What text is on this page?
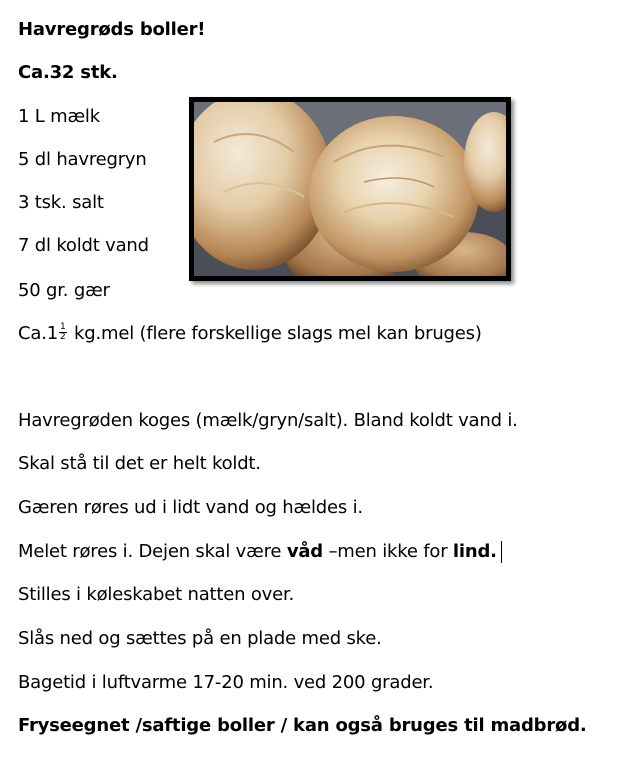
Havregrøds boller!
Ca.32 stk.
1 L mælk
5 dl havregryn
3 tsk. salt
7 dl koldt vand
50 gr. gær
$Ca.1 \frac{1}{2} kg.mel$ (flere forskellige slags mel kan bruges)
Havregrøden koges (mælk/gryn/salt). Bland koldt vand i.
Skal stå til det er helt koldt.
Gæren røres ud i lidt vand og hældes i.
Melet røres i. Dejen skal være våd –men ikke for lind.
Stilles i køleskabet natten over.
Slås ned og sættes på en plade med ske.
Bagetid i luftvarme 17-20 min. ved 200 grader.
Fryseegnet /saftige boller / kan også bruges til madbrød.
